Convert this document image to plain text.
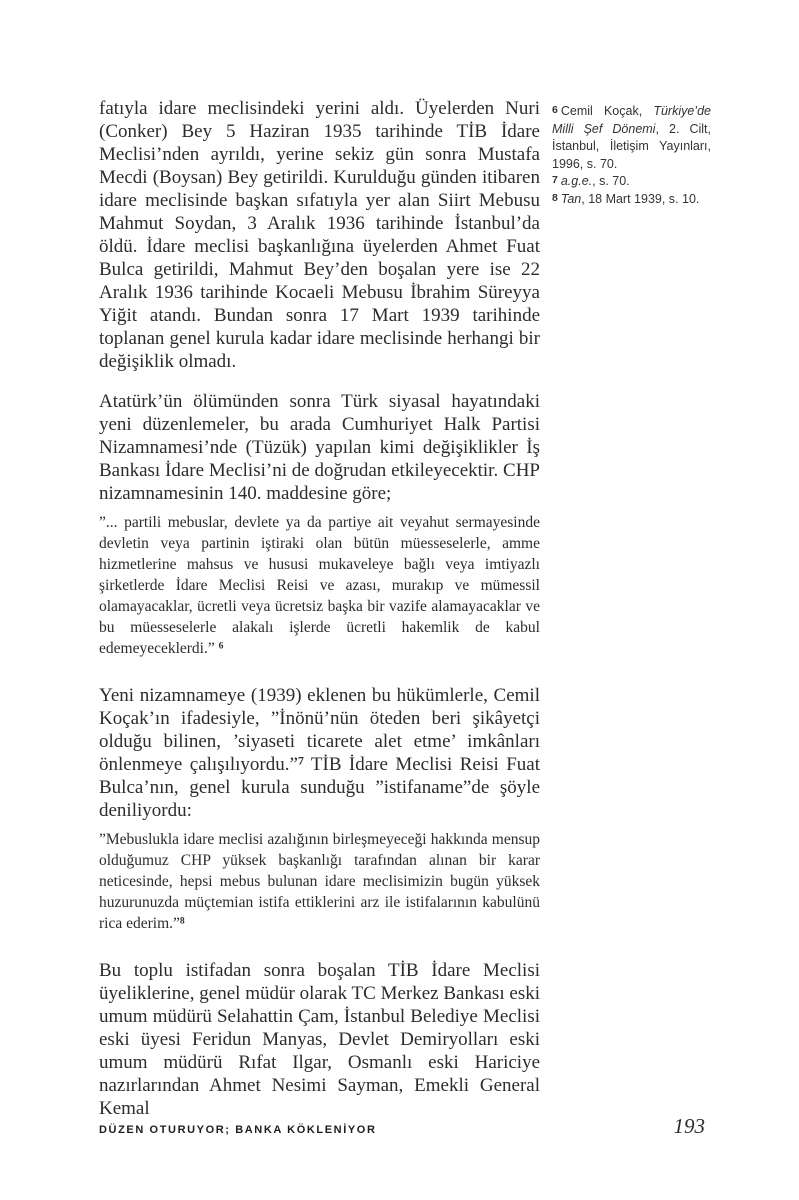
fatıyla idare meclisindeki yerini aldı. Üyelerden Nuri (Conker) Bey 5 Haziran 1935 tarihinde TİB İdare Meclisi’nden ayrıldı, yerine sekiz gün sonra Mustafa Mecdi (Boysan) Bey getirildi. Kurulduğu günden itibaren idare meclisinde başkan sıfatıyla yer alan Siirt Mebusu Mahmut Soydan, 3 Aralık 1936 tarihinde İstanbul’da öldü. İdare meclisi başkanlığına üyelerden Ahmet Fuat Bulca getirildi, Mahmut Bey’den boşalan yere ise 22 Aralık 1936 tarihinde Kocaeli Mebusu İbrahim Süreyya Yiğit atandı. Bundan sonra 17 Mart 1939 tarihinde toplanan genel kurula kadar idare meclisinde herhangi bir değişiklik olmadı.

Atatürk’ün ölümünden sonra Türk siyasal hayatındaki yeni düzenlemeler, bu arada Cumhuriyet Halk Partisi Nizamnamesi’nde (Tüzük) yapılan kimi değişiklikler İş Bankası İdare Meclisi’ni de doğrudan etkileyecektir. CHP nizamnamesinin 140. maddesine göre;

”... partili mebuslar, devlete ya da partiye ait veyahut sermayesinde devletin veya partinin iştiraki olan bütün müesseselerle, amme hizmetlerine mahsus ve hususi mukaveleye bağlı veya imtiyazlı şirketlerde İdare Meclisi Reisi ve azası, murakıp ve mümessil olamayacaklar, ücretli veya ücretsiz başka bir vazife alamayacaklar ve bu müesseselerle alakalı işlerde ücretli hakemlik de kabul edemeyeceklerdi.” $^6$

Yeni nizamnameye (1939) eklenen bu hükümlerle, Cemil Koçak’ın ifadesiyle, ”İnönü’nün öteden beri şikâyetçi olduğu bilinen, ’siyaseti ticarete alet etme’ imkânları önlenmeye çalışılıyordu.”$^7$ TİB İdare Meclisi Reisi Fuat Bulca’nın, genel kurula sunduğu ”istifaname”de şöyle deniliyordu:

”Mebuslukla idare meclisi azalığının birleşmeyeceği hakkında mensup olduğumuz CHP yüksek başkanlığı tarafından alınan bir karar neticesinde, hepsi mebus bulunan idare meclisimizin bugün yüksek huzurunuzda müçtemian istifa ettiklerini arz ile istifalarının kabulünü rica ederim.”$^8$

Bu toplu istifadan sonra boşalan TİB İdare Meclisi üyeliklerine, genel müdür olarak TC Merkez Bankası eski umum müdürü Selahattin Çam, İstanbul Belediye Meclisi eski üyesi Feridun Manyas, Devlet Demiryolları eski umum müdürü Rıfat Ilgar, Osmanlı eski Hariciye nazırlarından Ahmet Nesimi Sayman, Emekli General Kemal

$^6$ Cemil Koçak, Türkiye’de Milli Şef Dönemi, 2. Cilt, İstanbul, İletişim Yayınları, 1996, s. 70.

$^7$ a.g.e., s. 70.

$^8$ Tan, 18 Mart 1939, s. 10.

DÜZEN OTURUYOR; BANKA KÖKLENİYOR	193
